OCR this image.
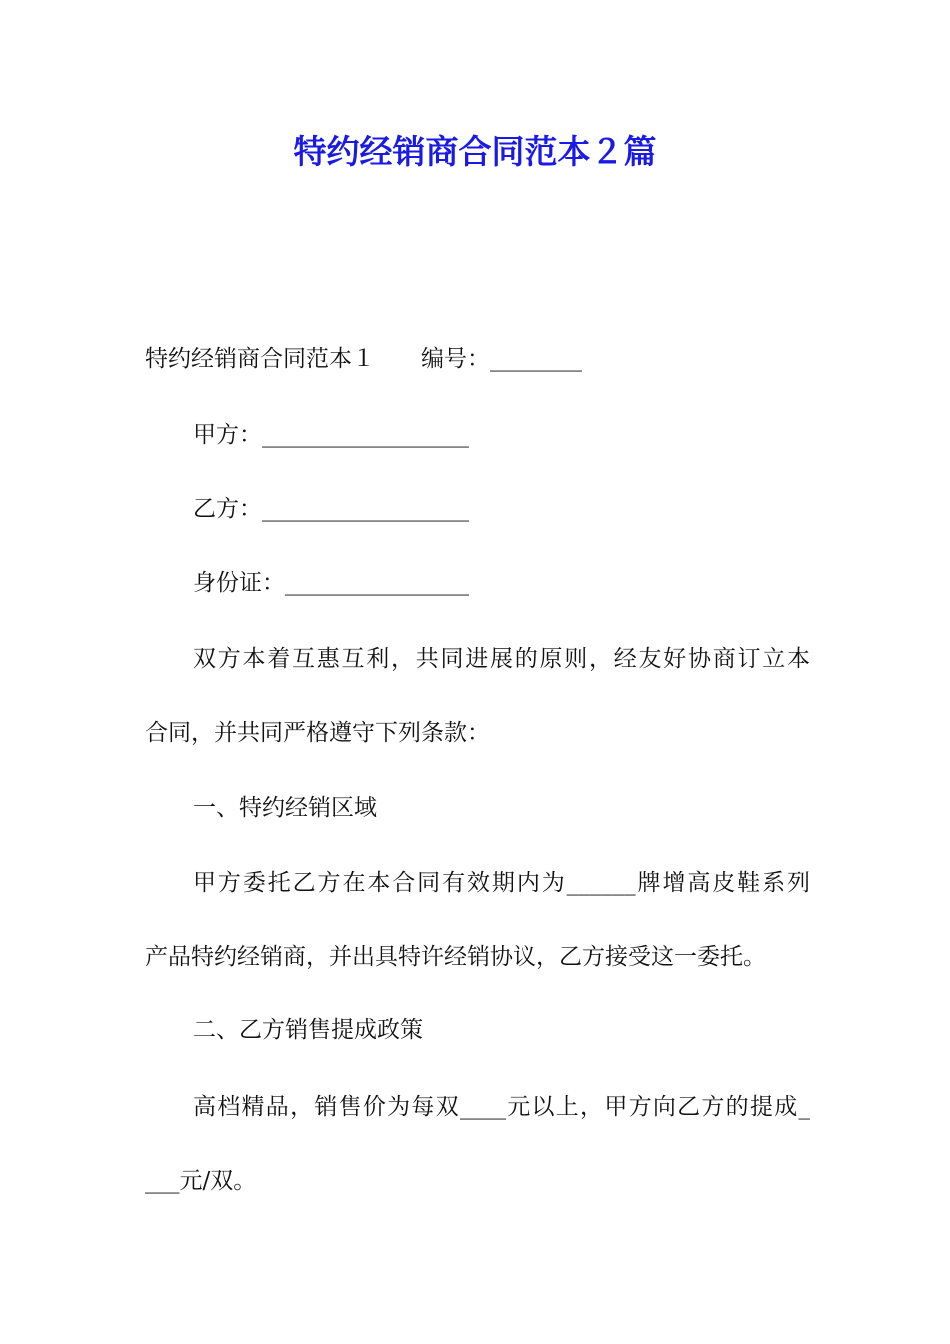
特约经销商合同范本２篇
特约经销商合同范本１ 编号：________

甲方：__________________

乙方：__________________

身份证：________________

双方本着互惠互利，共同进展的原则，经友好协商订立本

合同，并共同严格遵守下列条款：

一、特约经销区域

甲方委托乙方在本合同有效期内为______牌增高皮鞋系列

产品特约经销商，并出具特许经销协议，乙方接受这一委托。

二、乙方销售提成政策

高档精品，销售价为每双____元以上，甲方向乙方的提成_

___元/双。
